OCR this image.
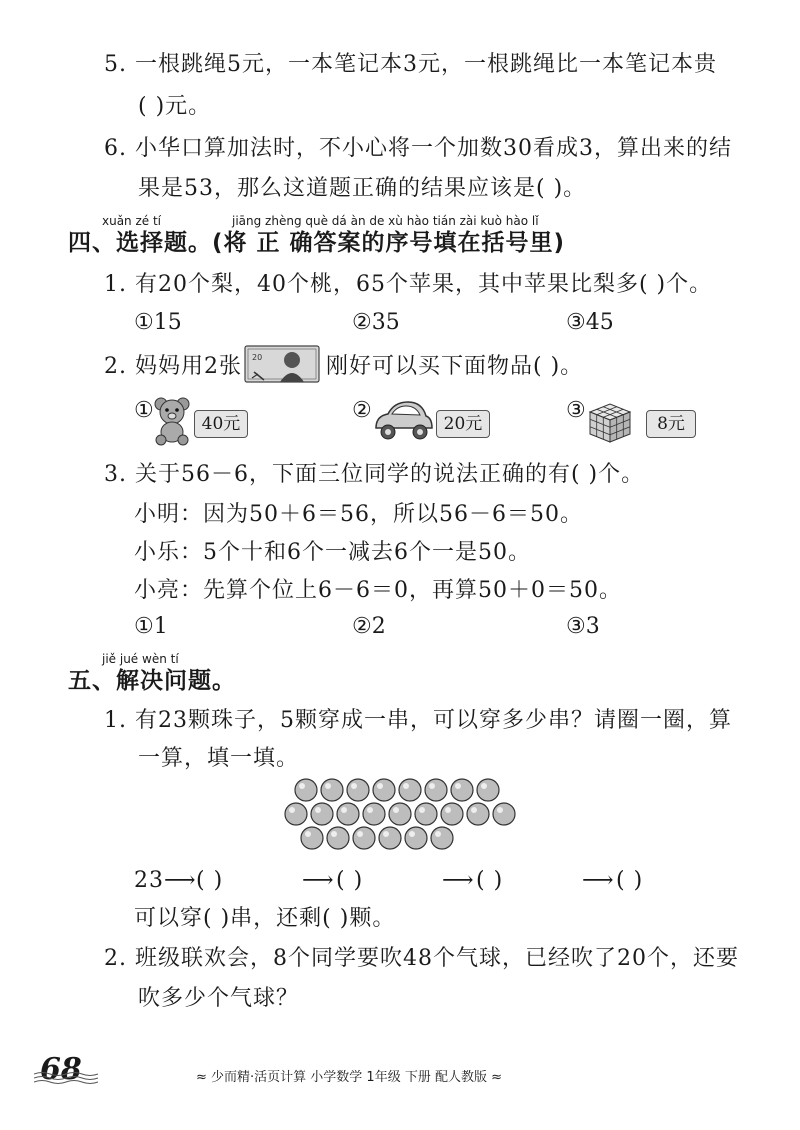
5. 一根跳绳5元，一本笔记本3元，一根跳绳比一本笔记本贵
( )元。
6. 小华口算加法时，不小心将一个加数30看成3，算出来的结
果是53，那么这道题正确的结果应该是( )。
xuǎn zé tí	jiāng zhèng què dá àn de xù hào tián zài kuò hào lǐ
四、选择题。(将 正 确答案的序号填在括号里)
1. 有20个梨，40个桃，65个苹果，其中苹果比梨多( )个。
①15	②35	③45
2. 妈妈用2张 20	刚好可以买下面物品( )。
①
40元
②
20元
③
8元
3. 关于56－6，下面三位同学的说法正确的有( )个。
小明：因为50＋6＝56，所以56－6＝50。
小乐：5个十和6个一减去6个一是50。
小亮：先算个位上6－6＝0，再算50＋0＝50。
①1	②2	③3
jiě jué wèn tí
五、解决问题。
1. 有23颗珠子，5颗穿成一串，可以穿多少串？请圈一圈，算
一算，填一填。
23 ⟶ ( )	⟶ ( )	⟶ ( )	⟶ ( )
可以穿( )串，还剩( )颗。
2. 班级联欢会，8个同学要吹48个气球，已经吹了20个，还要
吹多少个气球？
68	≈ 少而精·活页计算 小学数学 1年级 下册 配人教版 ≈
